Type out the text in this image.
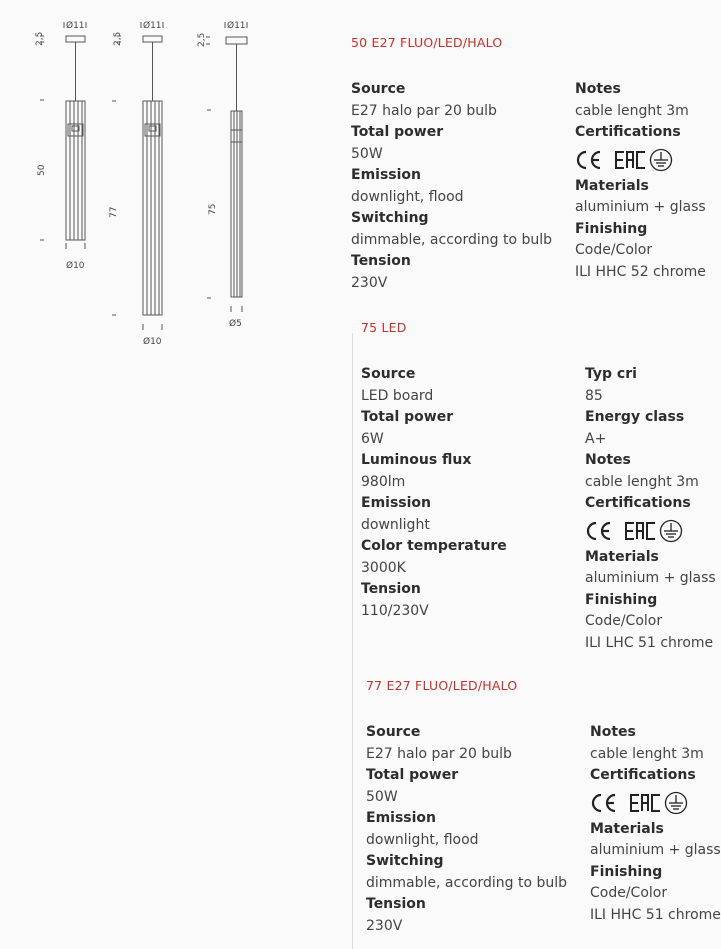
Ø11
2,5
50
Ø10
Ø11
2,5
77
Ø10
Ø11
2,5
75
Ø5
50 E27 FLUO/LED/HALO
Source
E27 halo par 20 bulb
Total power
50W
Emission
downlight, flood
Switching
dimmable, according to bulb
Tension
230V
Notes
cable lenght 3m
Certifications
Materials
aluminium + glass
Finishing
Code/Color
ILI HHC 52 chrome
75 LED
Source
LED board
Total power
6W
Luminous flux
980lm
Emission
downlight
Color temperature
3000K
Tension
110/230V
Typ cri
85
Energy class
A+
Notes
cable lenght 3m
Certifications
Materials
aluminium + glass
Finishing
Code/Color
ILI LHC 51 chrome
77 E27 FLUO/LED/HALO
Source
E27 halo par 20 bulb
Total power
50W
Emission
downlight, flood
Switching
dimmable, according to bulb
Tension
230V
Notes
cable lenght 3m
Certifications
Materials
aluminium + glass
Finishing
Code/Color
ILI HHC 51 chrome
